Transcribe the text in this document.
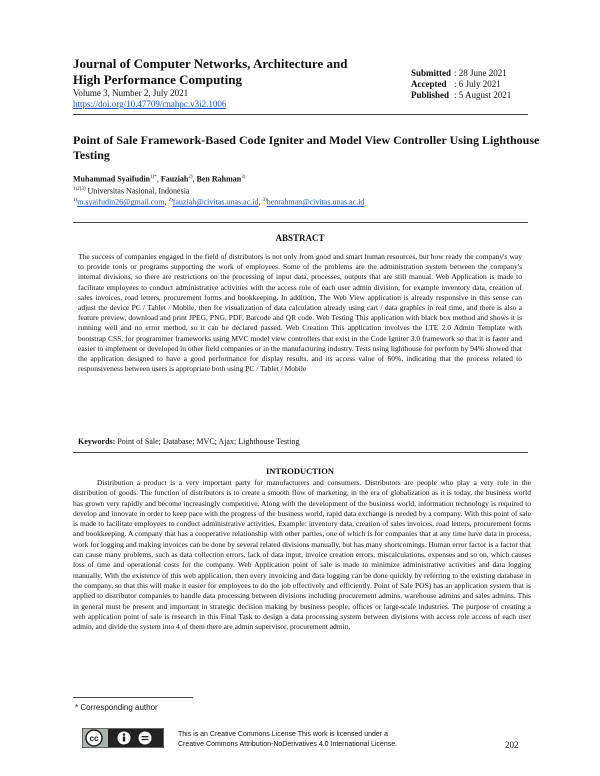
Journal of Computer Networks, Architecture and High Performance Computing
Volume 3, Number 2, July 2021
https://doi.org/10.47709/cnahpc.v3i2.1006
Submitted : 28 June 2021
Accepted : 6 July 2021
Published : 5 August 2021
Point of Sale Framework-Based Code Igniter and Model View Controller Using Lighthouse Testing
Muhammad Syaifudin$^{1)*}$, Fauziah$^{2)}$, Ben Rahman$^{3)}$
$^{1)2)3)}$ Universitas Nasional, Indonesia
$^{1)}$m.syaifudin26@gmail.com, $^{2)}$fauziah@civitas.unas.ac.id, $^{3)}$benrahman@civitas.unas.ac.id
ABSTRACT
The success of companies engaged in the field of distributors is not only from good and smart human resources, but how ready the company's way to provide tools or programs supporting the work of employees. Some of the problems are the administration system between the company's internal divisions, so there are restrictions on the processing of input data, processes, outputs that are still manual. Web Application is made to facilitate employees to conduct administrative activities with the access role of each user admin division, for example inventory data, creation of sales invoices, road letters, procurement forms and bookkeeping. In addition, The Web View application is already responsive in this sense can adjust the device PC / Tablet / Mobile, then for visualization of data calculation already using cart / data graphics in real time, and there is also a feature preview, download and print JPEG, PNG, PDF, Barcode and QR code. Web Testing This application with black box method and shows it is running well and no error method, so it can be declared passed. Web Creation This application involves the LTE 2.0 Admin Template with bootstrap CSS, for programmer frameworks using MVC model view controllers that exist in the Code Igniter 3.0 framework so that it is faster and easier to implement or developed in other field companies or in the manufacturing industry. Tests using lighthouse for perform by 94% showed that the application designed to have a good performance for display results, and its access value of 60%, indicating that the process related to responsiveness between users is appropriate both using PC / Tablet / Mobile
Keywords: Point of Sale; Database; MVC; Ajax; Lighthouse Testing
INTRODUCTION
Distribution a product is a very important party for manufacturers and consumers. Distributors are people who play a very role in the distribution of goods. The function of distributors is to create a smooth flow of marketing, in the era of globalization as it is today, the business world has grown very rapidly and become increasingly competitive. Along with the development of the business world, information technology is required to develop and innovate in order to keep pace with the progress of the business world, rapid data exchange is needed by a company. With this point of sale is made to facilitate employees to conduct administrative activities, Example: inventory data, creation of sales invoices, road letters, procurement forms and bookkeeping. A company that has a cooperative relationship with other parties, one of which is for companies that at any time have data in process, work for logging and making invoices can be done by several related divisions manually, but has many shortcomings. Human error factor is a factor that can cause many problems, such as data collection errors, lack of data input, invoice creation errors, miscalculations, expenses and so on, which causes loss of time and operational costs for the company. Web Application point of sale is made to minimize administrative activities and data logging manually, With the existence of this web application, then every invoicing and data logging can be done quickly by referring to the existing database in the company, so that this will make it easier for employees to do the job effectively and efficiently. Point of Sale POS) has an application system that is applied to distributor companies to handle data processing between divisions including procurement admins, warehouse admins and sales admins. This in general must be present and important in strategic decision making by business people, offices or large-scale industries. The purpose of creating a web application point of sale is research in this Final Task to design a data processing system between divisions with access role access of each user admin, and divide the system into 4 of them there are admin supervisor, procurement admin,
* Corresponding author
cc	This is an Creative Commons License This work is licensed under a
Creative Commons Attribution-NoDerivatives 4.0 International License.	202
